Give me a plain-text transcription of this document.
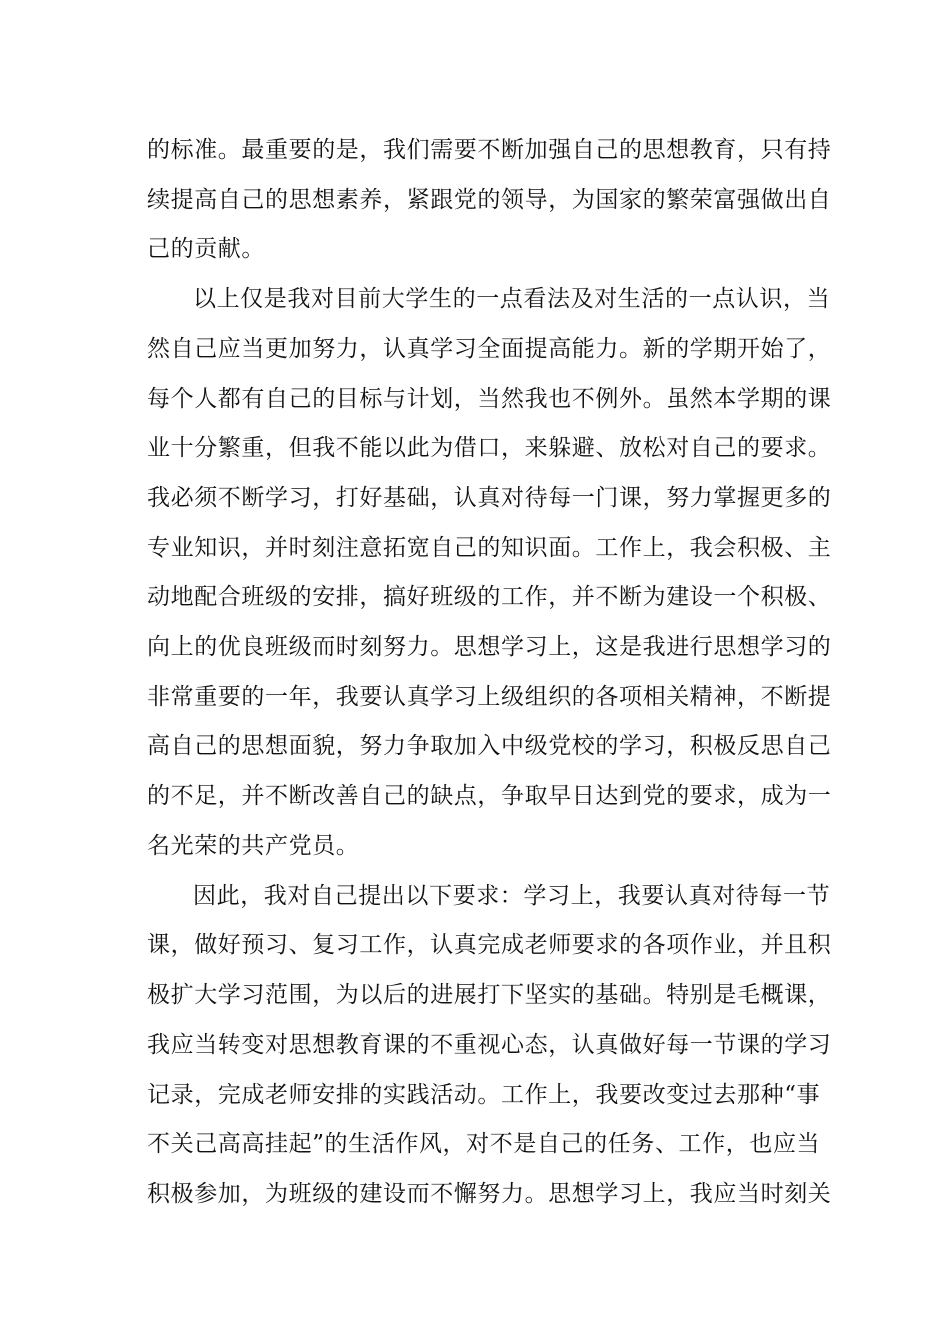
的标准。最重要的是，我们需要不断加强自己的思想教育，只有持
续提高自己的思想素养，紧跟党的领导，为国家的繁荣富强做出自
己的贡献。
以上仅是我对目前大学生的一点看法及对生活的一点认识，当
然自己应当更加努力，认真学习全面提高能力。新的学期开始了，
每个人都有自己的目标与计划，当然我也不例外。虽然本学期的课
业十分繁重，但我不能以此为借口，来躲避、放松对自己的要求。
我必须不断学习，打好基础，认真对待每一门课，努力掌握更多的
专业知识，并时刻注意拓宽自己的知识面。工作上，我会积极、主
动地配合班级的安排，搞好班级的工作，并不断为建设一个积极、
向上的优良班级而时刻努力。思想学习上，这是我进行思想学习的
非常重要的一年，我要认真学习上级组织的各项相关精神，不断提
高自己的思想面貌，努力争取加入中级党校的学习，积极反思自己
的不足，并不断改善自己的缺点，争取早日达到党的要求，成为一
名光荣的共产党员。
因此，我对自己提出以下要求：学习上，我要认真对待每一节
课，做好预习、复习工作，认真完成老师要求的各项作业，并且积
极扩大学习范围，为以后的进展打下坚实的基础。特别是毛概课，
我应当转变对思想教育课的不重视心态，认真做好每一节课的学习
记录，完成老师安排的实践活动。工作上，我要改变过去那种“事
不关己高高挂起”的生活作风，对不是自己的任务、工作，也应当
积极参加，为班级的建设而不懈努力。思想学习上，我应当时刻关
